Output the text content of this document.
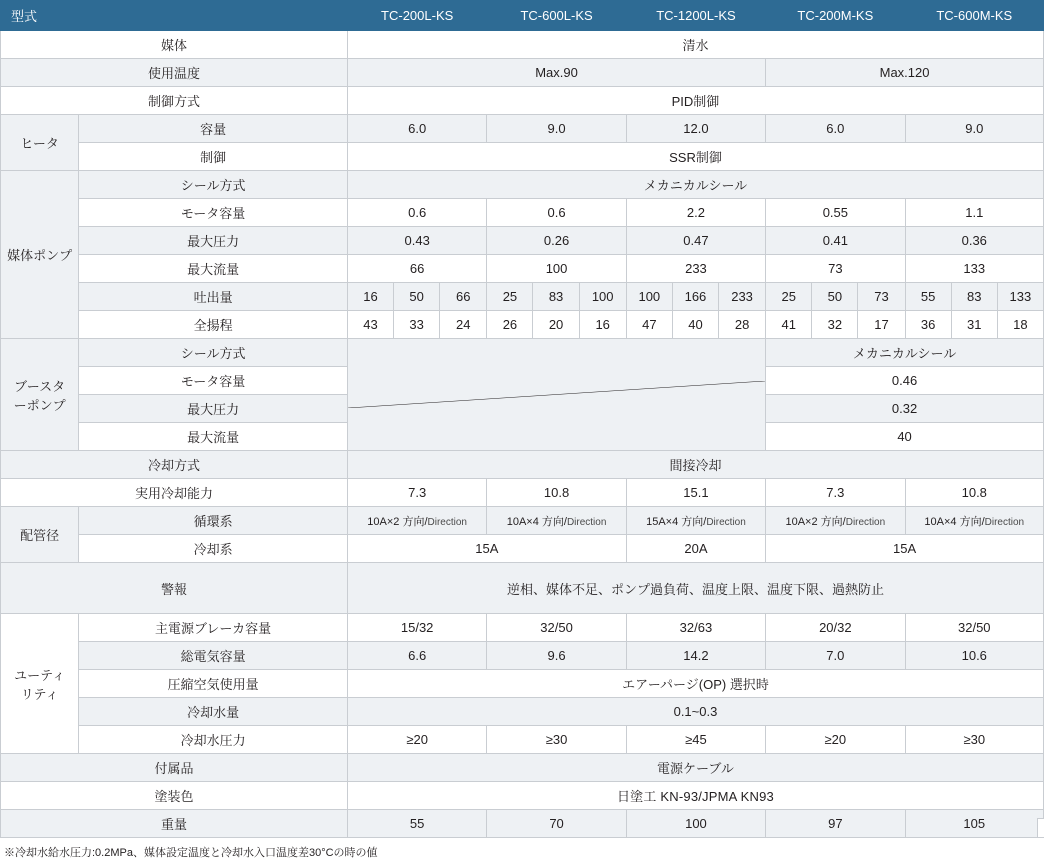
型式		TC-200L-KS			TC-600L-KS			TC-1200L-KS			TC-200M-KS			TC-600M-KS		
媒体		清水														
使用温度		Max.90									Max.120					
制御方式		PID制御														
ヒータ	容量	6.0			9.0			12.0			6.0			9.0		
	制御	SSR制御														
媒体ポンプ	シール方式	メカニカルシール														
	モータ容量	0.6			0.6			2.2			0.55			1.1		
	最大圧力	0.43			0.26			0.47			0.41			0.36		
	最大流量	66			100			233			73			133		
	吐出量	16	50	66	25	83	100	100	166	233	25	50	73	55	83	133
	全揚程	43	33	24	26	20	16	47	40	28	41	32	17	36	31	18

ブースタ
ーポンプ	シール方式										メカニカルシール					
	モータ容量										0.46					
	最大圧力										0.32					
	最大流量										40					
冷却方式		間接冷却														
実用冷却能力		7.3			10.8			15.1			7.3			10.8		
配管径	循環系	10A×2 方向/Direction			10A×4 方向/Direction			15A×4 方向/Direction			10A×2 方向/Direction			10A×4 方向/Direction		
	冷却系	15A						20A			15A					
警報		逆相、媒体不足、ポンプ過負荷、温度上限、温度下限、過熱防止														

ユーティ
リティ	主電源ブレーカ容量	15/32			32/50			32/63			20/32			32/50		
	総電気容量	6.6			9.6			14.2			7.0			10.6		
	圧縮空気使用量	エアーパージ(OP) 選択時														
	冷却水量	0.1~0.3														
	冷却水圧力	≥20			≥30			≥45			≥20			≥30		
付属品		電源ケーブル														
塗装色		日塗工 KN-93/JPMA KN93														
重量		55			70			100			97			105		
※冷却水給水圧力:0.2MPa、媒体設定温度と冷却水入口温度差30°Cの時の値
